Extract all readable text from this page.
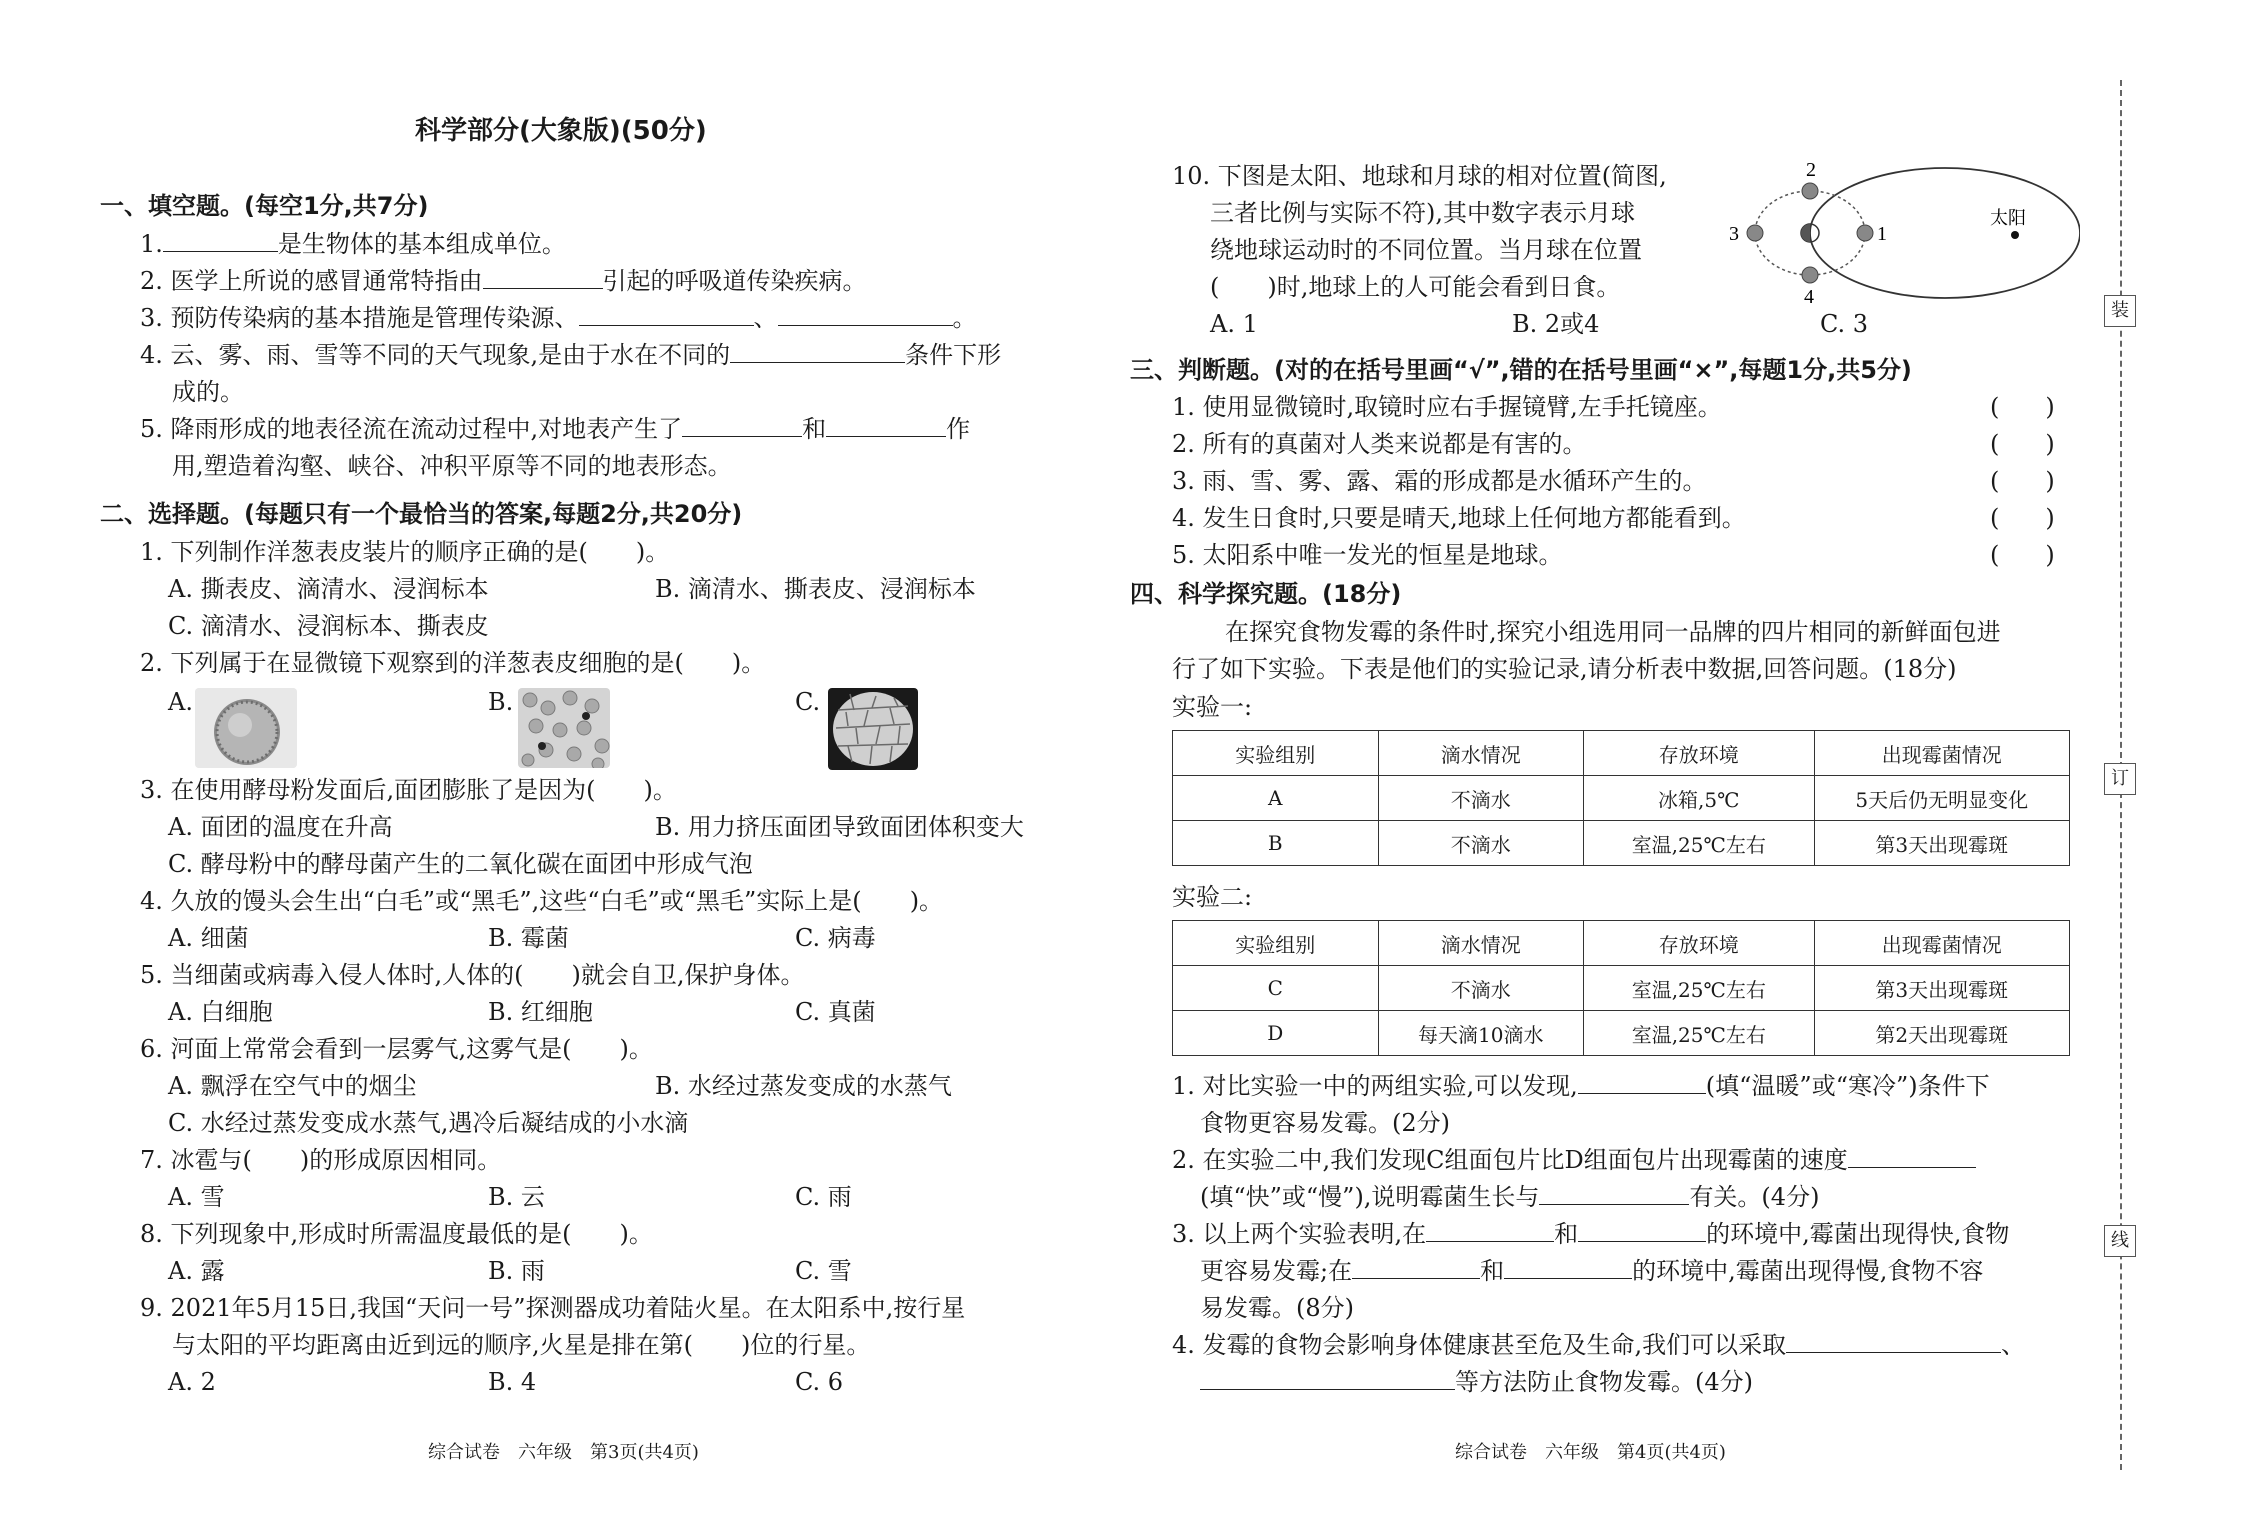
科学部分(大象版)(50分)
一、填空题。(每空1分,共7分)
1.	是生物体的基本组成单位。
2. 医学上所说的感冒通常特指由	引起的呼吸道传染疾病。
3. 预防传染病的基本措施是管理传染源、	、	。
4. 云、雾、雨、雪等不同的天气现象,是由于水在不同的	条件下形
成的。
5. 降雨形成的地表径流在流动过程中,对地表产生了	和	作
用,塑造着沟壑、峡谷、冲积平原等不同的地表形态。
二、选择题。(每题只有一个最恰当的答案,每题2分,共20分)
1. 下列制作洋葱表皮装片的顺序正确的是( )。
A. 撕表皮、滴清水、浸润标本	B. 滴清水、撕表皮、浸润标本
C. 滴清水、浸润标本、撕表皮
2. 下列属于在显微镜下观察到的洋葱表皮细胞的是( )。
A.	B.	C.
3. 在使用酵母粉发面后,面团膨胀了是因为( )。
A. 面团的温度在升高	B. 用力挤压面团导致面团体积变大
C. 酵母粉中的酵母菌产生的二氧化碳在面团中形成气泡
4. 久放的馒头会生出“白毛”或“黑毛”,这些“白毛”或“黑毛”实际上是( )。
A. 细菌	B. 霉菌	C. 病毒
5. 当细菌或病毒入侵人体时,人体的( )就会自卫,保护身体。
A. 白细胞	B. 红细胞	C. 真菌
6. 河面上常常会看到一层雾气,这雾气是( )。
A. 飘浮在空气中的烟尘	B. 水经过蒸发变成的水蒸气
C. 水经过蒸发变成水蒸气,遇冷后凝结成的小水滴
7. 冰雹与( )的形成原因相同。
A. 雪	B. 云	C. 雨
8. 下列现象中,形成时所需温度最低的是( )。
A. 露	B. 雨	C. 雪
9. 2021年5月15日,我国“天问一号”探测器成功着陆火星。在太阳系中,按行星
与太阳的平均距离由近到远的顺序,火星是排在第( )位的行星。
A. 2	B. 4	C. 6
综合试卷　六年级　第3页(共4页)
10. 下图是太阳、地球和月球的相对位置(简图,
三者比例与实际不符),其中数字表示月球
绕地球运动时的不同位置。当月球在位置
( )时,地球上的人可能会看到日食。
A. 1	B. 2或4	C. 3
2
1
3
4
太阳
三、判断题。(对的在括号里画“√”,错的在括号里画“×”,每题1分,共5分)
1. 使用显微镜时,取镜时应右手握镜臂,左手托镜座。	( )
2. 所有的真菌对人类来说都是有害的。	( )
3. 雨、雪、雾、露、霜的形成都是水循环产生的。	( )
4. 发生日食时,只要是晴天,地球上任何地方都能看到。	( )
5. 太阳系中唯一发光的恒星是地球。	( )
四、科学探究题。(18分)
在探究食物发霉的条件时,探究小组选用同一品牌的四片相同的新鲜面包进
行了如下实验。下表是他们的实验记录,请分析表中数据,回答问题。(18分)
实验一:
实验组别	滴水情况	存放环境	出现霉菌情况
A	不滴水	冰箱,5℃	5天后仍无明显变化
B	不滴水	室温,25℃左右	第3天出现霉斑
实验二:
实验组别	滴水情况	存放环境	出现霉菌情况
C	不滴水	室温,25℃左右	第3天出现霉斑
D	每天滴10滴水	室温,25℃左右	第2天出现霉斑
1. 对比实验一中的两组实验,可以发现,	(填“温暖”或“寒冷”)条件下
食物更容易发霉。(2分)
2. 在实验二中,我们发现C组面包片比D组面包片出现霉菌的速度
(填“快”或“慢”),说明霉菌生长与	有关。(4分)
3. 以上两个实验表明,在	和	的环境中,霉菌出现得快,食物
更容易发霉;在	和	的环境中,霉菌出现得慢,食物不容
易发霉。(8分)
4. 发霉的食物会影响身体健康甚至危及生命,我们可以采取	、
等方法防止食物发霉。(4分)
综合试卷　六年级　第4页(共4页)
装
订
线
